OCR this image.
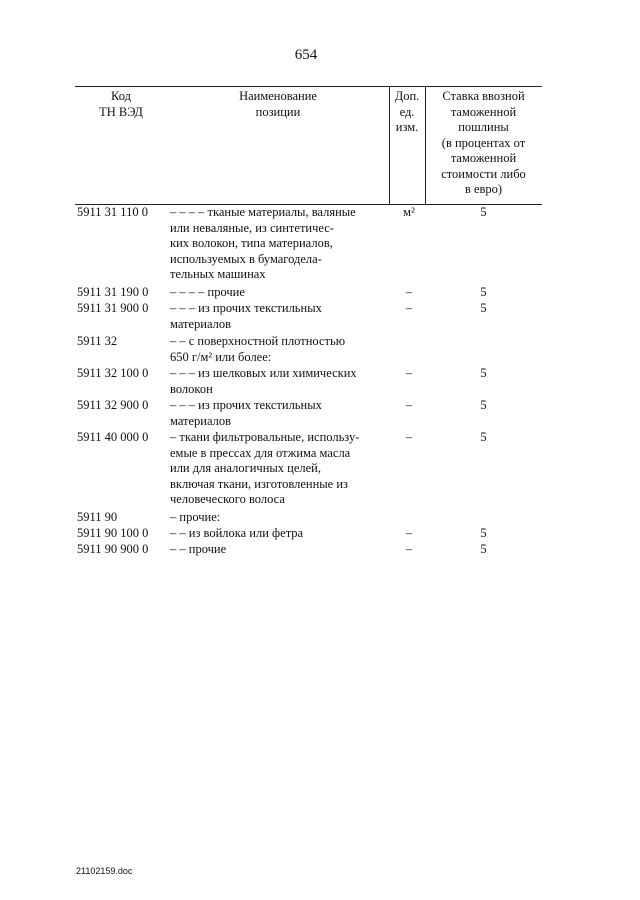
654
Код
ТН ВЭД
Наименование
позиции
Доп.
ед.
изм.
Ставка ввозной
таможенной
пошлины
(в процентах от
таможенной
стоимости либо
в евро)
5911 31 110 0	– – – – тканые материалы, валяные
или неваляные, из синтетичес-
ких волокон, типа материалов,
используемых в бумагодела-
тельных машинах
м²	5
5911 31 190 0	– – – – прочие	–	5
5911 31 900 0	– – – из прочих текстильных
материалов
–	5
5911 32	– – с поверхностной плотностью
650 г/м² или более:
5911 32 100 0	– – – из шелковых или химических
волокон
–	5
5911 32 900 0	– – – из прочих текстильных
материалов
–	5
5911 40 000 0	– ткани фильтровальные, использу-
емые в прессах для отжима масла
или для аналогичных целей,
включая ткани, изготовленные из
человеческого волоса
–	5
5911 90	– прочие:
5911 90 100 0	– – из войлока или фетра	–	5
5911 90 900 0	– – прочие	–	5
21102159.doc
